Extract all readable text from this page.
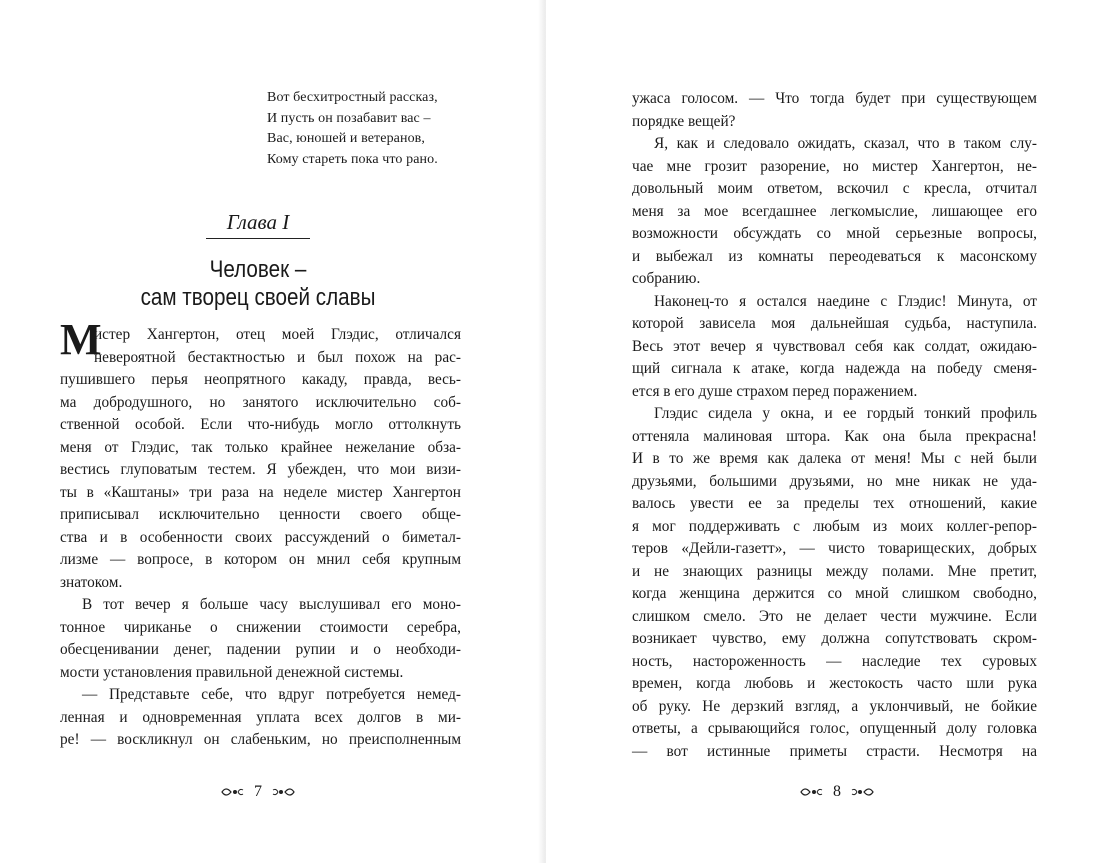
Вот бесхитростный рассказ,
И пусть он позабавит вас –
Вас, юношей и ветеранов,
Кому стареть пока что рано.
Глава I
Человек –
сам творец своей славы
М
истер Хангертон, отец моей Глэдис, отличался
невероятной бестактностью и был похож на рас-
пушившего перья неопрятного какаду, правда, весь-
ма добродушного, но занятого исключительно соб-
ственной особой. Если что-нибудь могло оттолкнуть
меня от Глэдис, так только крайнее нежелание обза-
вестись глуповатым тестем. Я убежден, что мои визи-
ты в «Каштаны» три раза на неделе мистер Хангертон
приписывал исключительно ценности своего обще-
ства и в особенности своих рассуждений о биметал-
лизме — вопросе, в котором он мнил себя крупным
знатоком.
В тот вечер я больше часу выслушивал его моно-
тонное чириканье о снижении стоимости серебра,
обесценивании денег, падении рупии и о необходи-
мости установления правильной денежной системы.
— Представьте себе, что вдруг потребуется немед-
ленная и одновременная уплата всех долгов в ми-
ре! — воскликнул он слабеньким, но преисполненным
7
ужаса голосом. — Что тогда будет при существующем
порядке вещей?
Я, как и следовало ожидать, сказал, что в таком слу-
чае мне грозит разорение, но мистер Хангертон, не-
довольный моим ответом, вскочил с кресла, отчитал
меня за мое всегдашнее легкомыслие, лишающее его
возможности обсуждать со мной серьезные вопросы,
и выбежал из комнаты переодеваться к масонскому
собранию.
Наконец-то я остался наедине с Глэдис! Минута, от
которой зависела моя дальнейшая судьба, наступила.
Весь этот вечер я чувствовал себя как солдат, ожидаю-
щий сигнала к атаке, когда надежда на победу сменя-
ется в его душе страхом перед поражением.
Глэдис сидела у окна, и ее гордый тонкий профиль
оттеняла малиновая штора. Как она была прекрасна!
И в то же время как далека от меня! Мы с ней были
друзьями, большими друзьями, но мне никак не уда-
валось увести ее за пределы тех отношений, какие
я мог поддерживать с любым из моих коллег-репор-
теров «Дейли-газетт», — чисто товарищеских, добрых
и не знающих разницы между полами. Мне претит,
когда женщина держится со мной слишком свободно,
слишком смело. Это не делает чести мужчине. Если
возникает чувство, ему должна сопутствовать скром-
ность, настороженность — наследие тех суровых
времен, когда любовь и жестокость часто шли рука
об руку. Не дерзкий взгляд, а уклончивый, не бойкие
ответы, а срывающийся голос, опущенный долу головка
— вот истинные приметы страсти. Несмотря на
8
